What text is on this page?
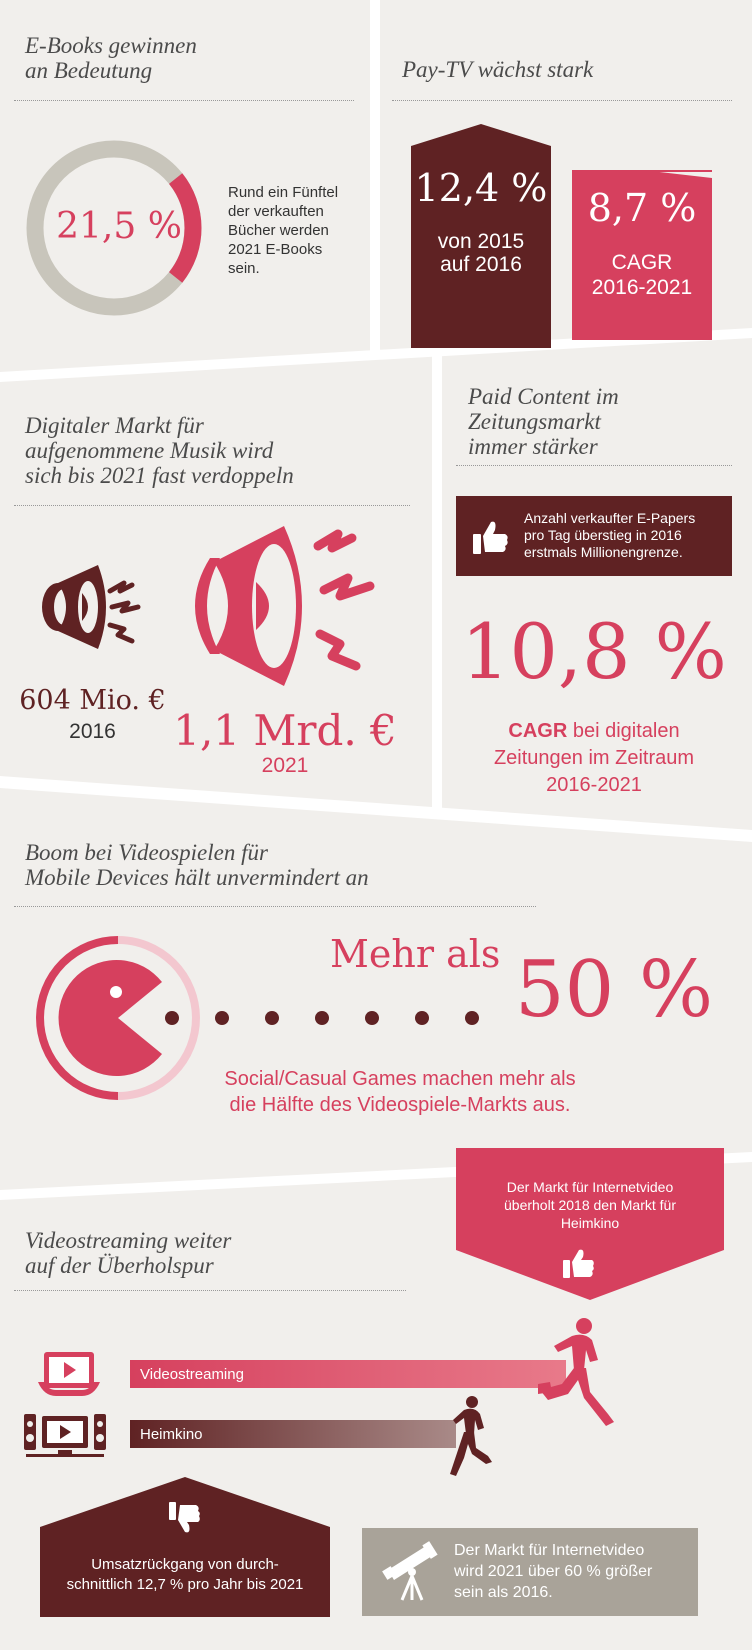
E-Books gewinnen
an Bedeutung
21,5 %
Rund ein Fünftel
der verkauften
Bücher werden
2021 E-Books
sein.
Pay-TV wächst stark
12,4 %
von 2015
auf 2016
8,7 %
CAGR
2016-2021
Digitaler Markt für
aufgenommene Musik wird
sich bis 2021 fast verdoppeln
604 Mio. €
2016	1,1 Mrd. €
2021
Paid Content im
Zeitungsmarkt
immer stärker
Anzahl verkaufter E-Papers
pro Tag überstieg in 2016
erstmals Millionengrenze.
10,8 %
CAGR bei digitalen
Zeitungen im Zeitraum
2016-2021
Boom bei Videospielen für
Mobile Devices hält unvermindert an
Mehr als 50 %
Social/Casual Games machen mehr als
die Hälfte des Videospiele-Markts aus.
Videostreaming weiter
auf der Überholspur
Der Markt für Internetvideo
überholt 2018 den Markt für
Heimkino
Videostreaming
Heimkino
Umsatzrückgang von durch-
schnittlich 12,7 % pro Jahr bis 2021
Der Markt für Internetvideo
wird 2021 über 60 % größer
sein als 2016.
